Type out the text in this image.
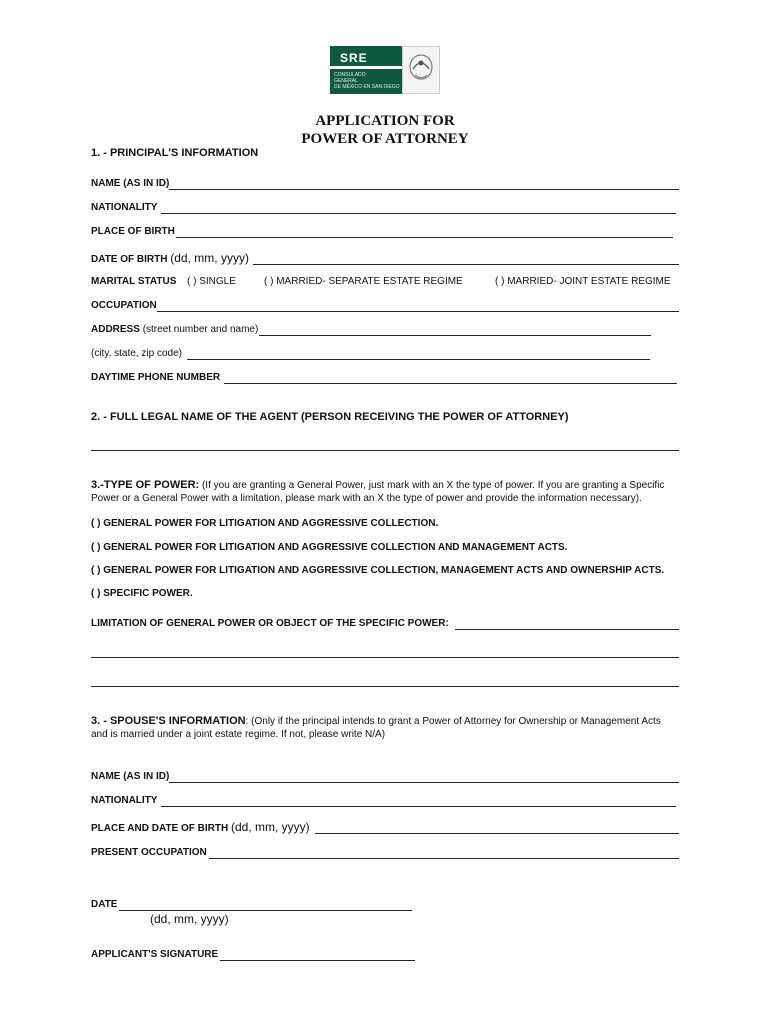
SRE
CONSULADO
GENERAL
DE MÉXICO EN SAN DIEGO
APPLICATION FOR
POWER OF ATTORNEY
1. - PRINCIPAL'S INFORMATION
NAME (AS IN ID)
NATIONALITY
PLACE OF BIRTH
DATE OF BIRTH (dd, mm, yyyy)
MARITAL STATUS ( ) SINGLE	( ) MARRIED- SEPARATE ESTATE REGIME	( ) MARRIED- JOINT ESTATE REGIME
OCCUPATION
ADDRESS (street number and name)
(city, state, zip code)
DAYTIME PHONE NUMBER
2. - FULL LEGAL NAME OF THE AGENT (PERSON RECEIVING THE POWER OF ATTORNEY)
3.-TYPE OF POWER: (If you are granting a General Power, just mark with an X the type of power. If you are granting a Specific
Power or a General Power with a limitation, please mark with an X the type of power and provide the information necessary).
( ) GENERAL POWER FOR LITIGATION AND AGGRESSIVE COLLECTION.
( ) GENERAL POWER FOR LITIGATION AND AGGRESSIVE COLLECTION AND MANAGEMENT ACTS.
( ) GENERAL POWER FOR LITIGATION AND AGGRESSIVE COLLECTION, MANAGEMENT ACTS AND OWNERSHIP ACTS.
( ) SPECIFIC POWER.
LIMITATION OF GENERAL POWER OR OBJECT OF THE SPECIFIC POWER:
3. - SPOUSE'S INFORMATION: (Only if the principal intends to grant a Power of Attorney for Ownership or Management Acts
and is married under a joint estate regime. If not, please write N/A)
NAME (AS IN ID)
NATIONALITY
PLACE AND DATE OF BIRTH (dd, mm, yyyy)
PRESENT OCCUPATION
DATE
(dd, mm, yyyy)
APPLICANT'S SIGNATURE
